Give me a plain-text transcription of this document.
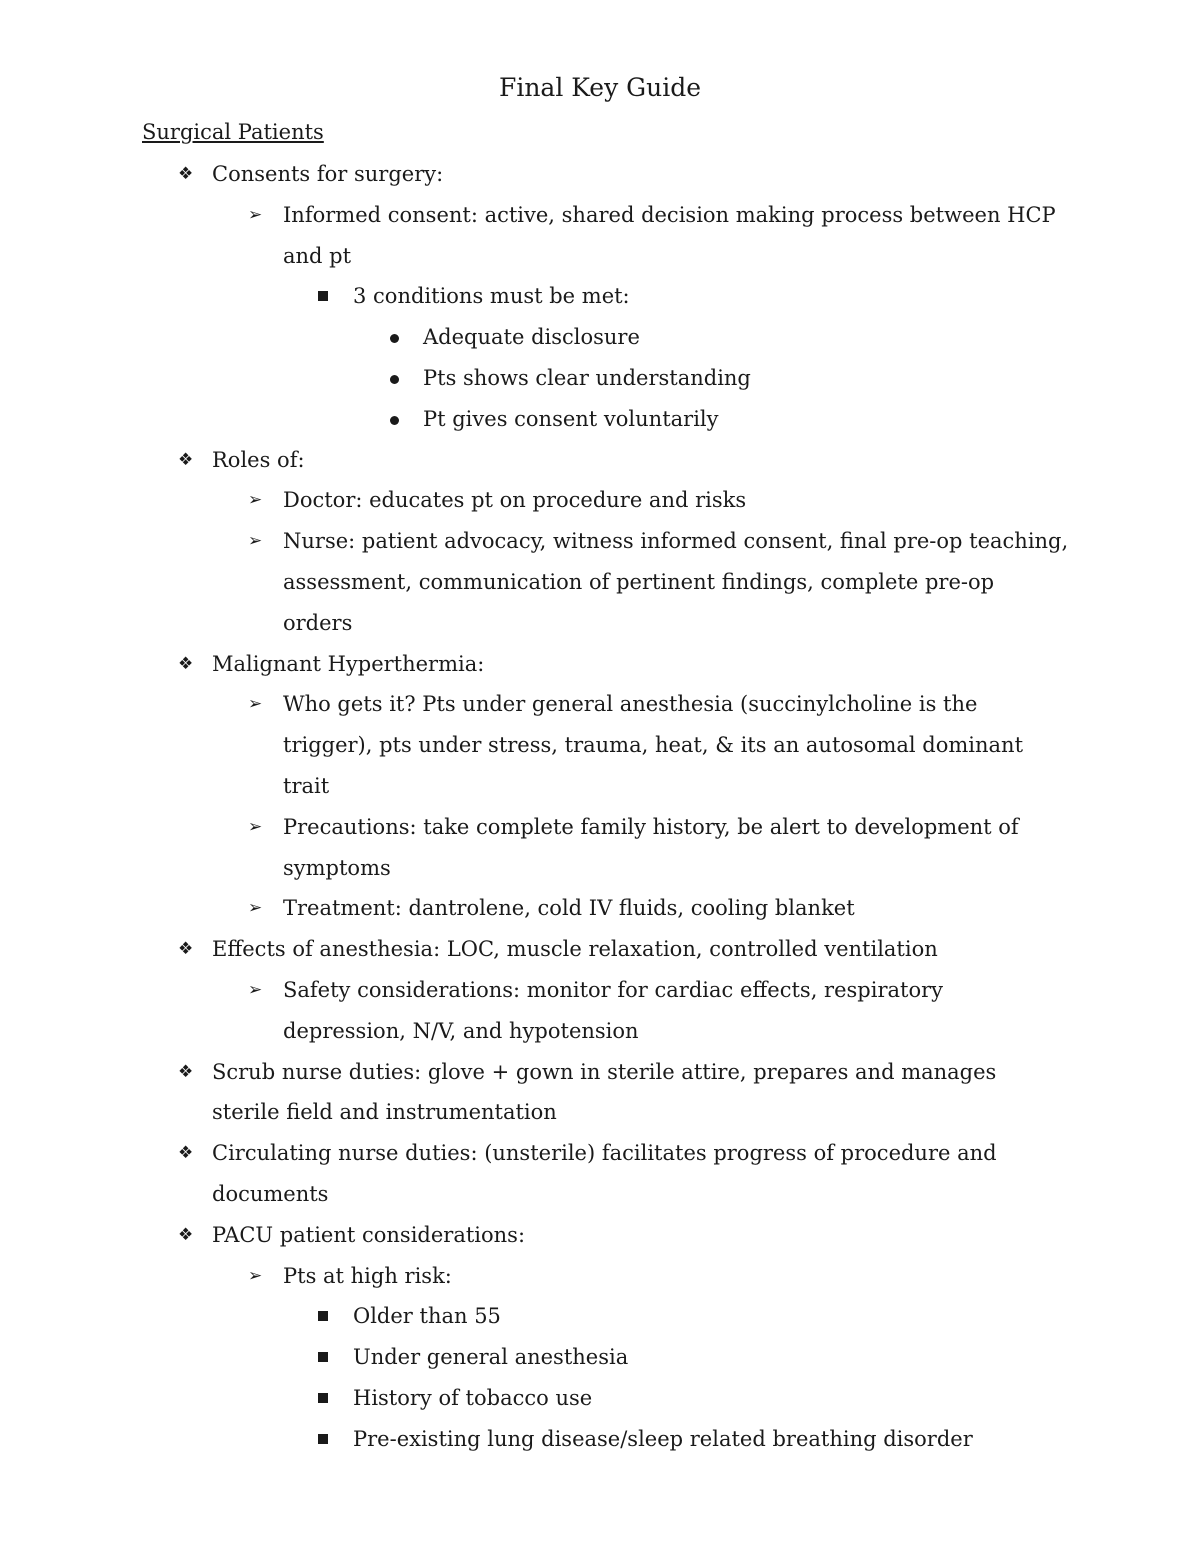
Final Key Guide
Surgical Patients
❖ Consents for surgery:
➢ Informed consent: active, shared decision making process between HCP and pt
3 conditions must be met:
Adequate disclosure
Pts shows clear understanding
Pt gives consent voluntarily
❖ Roles of:
➢ Doctor: educates pt on procedure and risks
➢ Nurse: patient advocacy, witness informed consent, final pre-op teaching, assessment, communication of pertinent findings, complete pre-op orders
❖ Malignant Hyperthermia:
➢ Who gets it? Pts under general anesthesia (succinylcholine is the trigger), pts under stress, trauma, heat, & its an autosomal dominant trait
➢ Precautions: take complete family history, be alert to development of symptoms
➢ Treatment: dantrolene, cold IV fluids, cooling blanket
❖ Effects of anesthesia: LOC, muscle relaxation, controlled ventilation
➢ Safety considerations: monitor for cardiac effects, respiratory depression, N/V, and hypotension
❖ Scrub nurse duties: glove + gown in sterile attire, prepares and manages sterile field and instrumentation
❖ Circulating nurse duties: (unsterile) facilitates progress of procedure and documents
❖ PACU patient considerations:
➢ Pts at high risk:
Older than 55
Under general anesthesia
History of tobacco use
Pre-existing lung disease/sleep related breathing disorder
